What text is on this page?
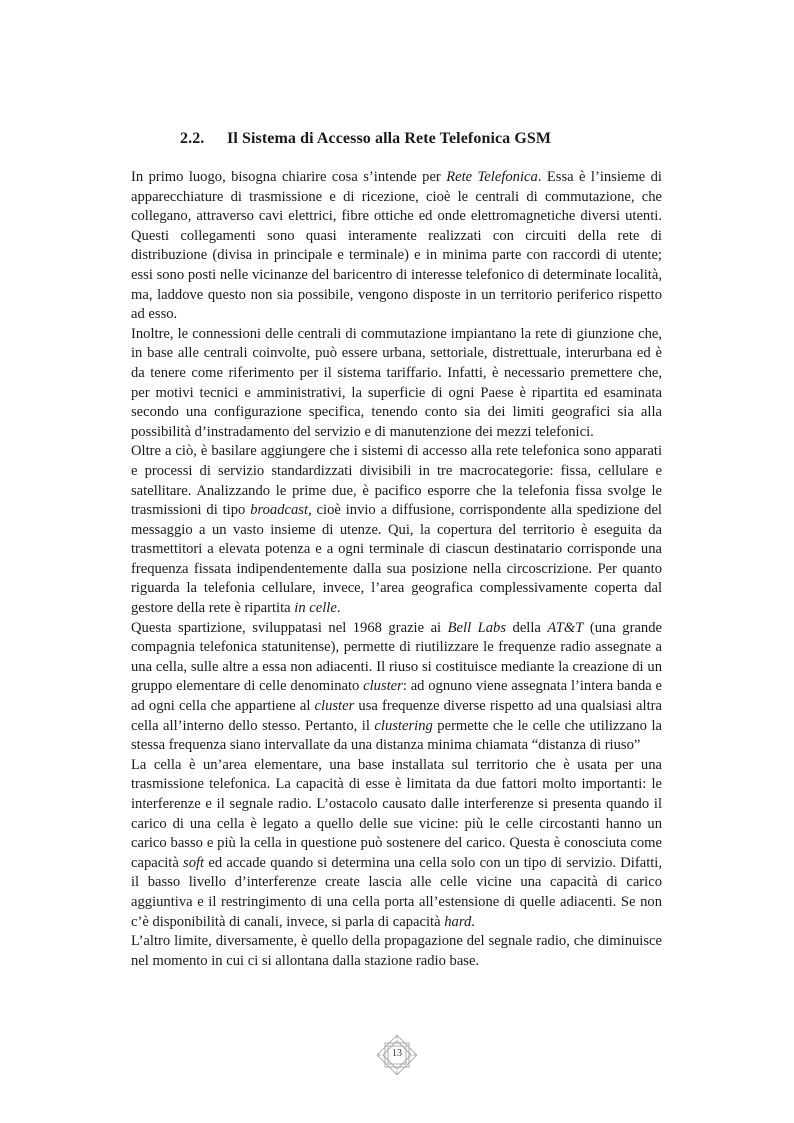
2.2. Il Sistema di Accesso alla Rete Telefonica GSM

In primo luogo, bisogna chiarire cosa s’intende per Rete Telefonica. Essa è l’insieme di apparecchiature di trasmissione e di ricezione, cioè le centrali di commutazione, che collegano, attraverso cavi elettrici, fibre ottiche ed onde elettromagnetiche diversi utenti. Questi collegamenti sono quasi interamente realizzati con circuiti della rete di distribuzione (divisa in principale e terminale) e in minima parte con raccordi di utente; essi sono posti nelle vicinanze del baricentro di interesse telefonico di determinate località, ma, laddove questo non sia possibile, vengono disposte in un territorio periferico rispetto ad esso.

Inoltre, le connessioni delle centrali di commutazione impiantano la rete di giunzione che, in base alle centrali coinvolte, può essere urbana, settoriale, distrettuale, interurbana ed è da tenere come riferimento per il sistema tariffario. Infatti, è necessario premettere che, per motivi tecnici e amministrativi, la superficie di ogni Paese è ripartita ed esaminata secondo una configurazione specifica, tenendo conto sia dei limiti geografici sia alla possibilità d’instradamento del servizio e di manutenzione dei mezzi telefonici.

Oltre a ciò, è basilare aggiungere che i sistemi di accesso alla rete telefonica sono apparati e processi di servizio standardizzati divisibili in tre macrocategorie: fissa, cellulare e satellitare. Analizzando le prime due, è pacifico esporre che la telefonia fissa svolge le trasmissioni di tipo broadcast, cioè invio a diffusione, corrispondente alla spedizione del messaggio a un vasto insieme di utenze. Qui, la copertura del territorio è eseguita da trasmettitori a elevata potenza e a ogni terminale di ciascun destinatario corrisponde una frequenza fissata indipendentemente dalla sua posizione nella circoscrizione. Per quanto riguarda la telefonia cellulare, invece, l’area geografica complessivamente coperta dal gestore della rete è ripartita in celle.

Questa spartizione, sviluppatasi nel 1968 grazie ai Bell Labs della AT&T (una grande compagnia telefonica statunitense), permette di riutilizzare le frequenze radio assegnate a una cella, sulle altre a essa non adiacenti. Il riuso si costituisce mediante la creazione di un gruppo elementare di celle denominato cluster: ad ognuno viene assegnata l’intera banda e ad ogni cella che appartiene al cluster usa frequenze diverse rispetto ad una qualsiasi altra cella all’interno dello stesso. Pertanto, il clustering permette che le celle che utilizzano la stessa frequenza siano intervallate da una distanza minima chiamata “distanza di riuso”

La cella è un’area elementare, una base installata sul territorio che è usata per una trasmissione telefonica. La capacità di esse è limitata da due fattori molto importanti: le interferenze e il segnale radio. L’ostacolo causato dalle interferenze si presenta quando il carico di una cella è legato a quello delle sue vicine: più le celle circostanti hanno un carico basso e più la cella in questione può sostenere del carico. Questa è conosciuta come capacità soft ed accade quando si determina una cella solo con un tipo di servizio. Difatti, il basso livello d’interferenze create lascia alle celle vicine una capacità di carico aggiuntiva e il restringimento di una cella porta all’estensione di quelle adiacenti. Se non c’è disponibilità di canali, invece, si parla di capacità hard.

L’altro limite, diversamente, è quello della propagazione del segnale radio, che diminuisce nel momento in cui ci si allontana dalla stazione radio base.

13
